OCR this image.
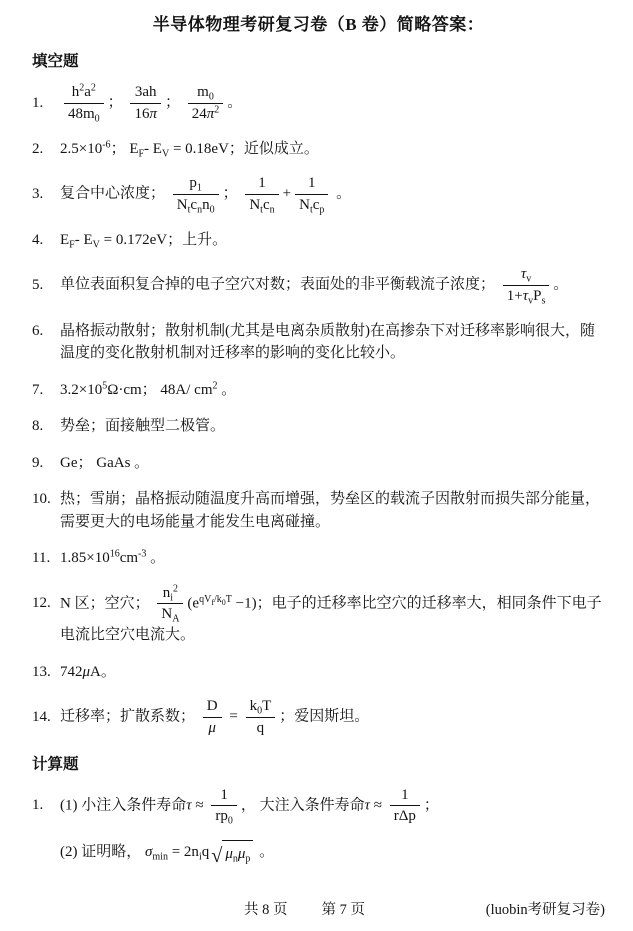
半导体物理考研复习卷（B 卷）简略答案：
填空题
1.	$\frac{h^2a^2}{48m_0}$ ； $\frac{3ah}{16\pi}$ ； $\frac{m_0}{24\pi^2}$ 。
2.	$2.5\times 10^{-6}$； $E_F-$ $E_V = 0.18eV$；近似成立。
3.	复合中心浓度； $\frac{p_1}{N_tc_nn_0}$ ； $\frac{1}{N_tc_n} + \frac{1}{N_tc_p}$ 。
4.	$E_F-$ $E_V = 0.172eV$；上升。
5.	单位表面积复合掉的电子空穴对数；表面处的非平衡载流子浓度； $\frac{\tau_v}{1+\tau_vP_s}$ 。
6.	晶格振动散射；散射机制(尤其是电离杂质散射)在高掺杂下对迁移率影响很大，随温度的变化散射机制对迁移率的影响的变化比较小。
7.	$3.2\times 10^5\Omega\cdot cm$； 48A/ $cm^2$ 。
8.	势垒；面接触型二极管。
9.	Ge； GaAs 。
10. 热；雪崩；晶格振动随温度升高而增强，势垒区的载流子因散射而损失部分能量，需要更大的电场能量才能发生电离碰撞。
11. $1.85\times 10^{16}cm^{-3}$ 。
12. N 区；空穴； $\frac{n_i^2}{N_A} (e^{qV_f/k_0T} -1)$；电子的迁移率比空穴的迁移率大，相同条件下电子电流比空穴电流大。
13. 742μA。
14. 迁移率；扩散系数； $\frac{D}{\mu} = \frac{k_0T}{q}$ ；爱因斯坦。
计算题
1.	(1) 小注入条件寿命$\tau \approx \frac{1}{rp_0}$ ， 大注入条件寿命$\tau \approx \frac{1}{\text{rΔp}}$ ；
(2) 证明略， $\sigma_{min} = 2n_iq$ √ $\mu_n\mu_p$ 。
共 8 页 第 7 页	(luobin考研复习卷)
